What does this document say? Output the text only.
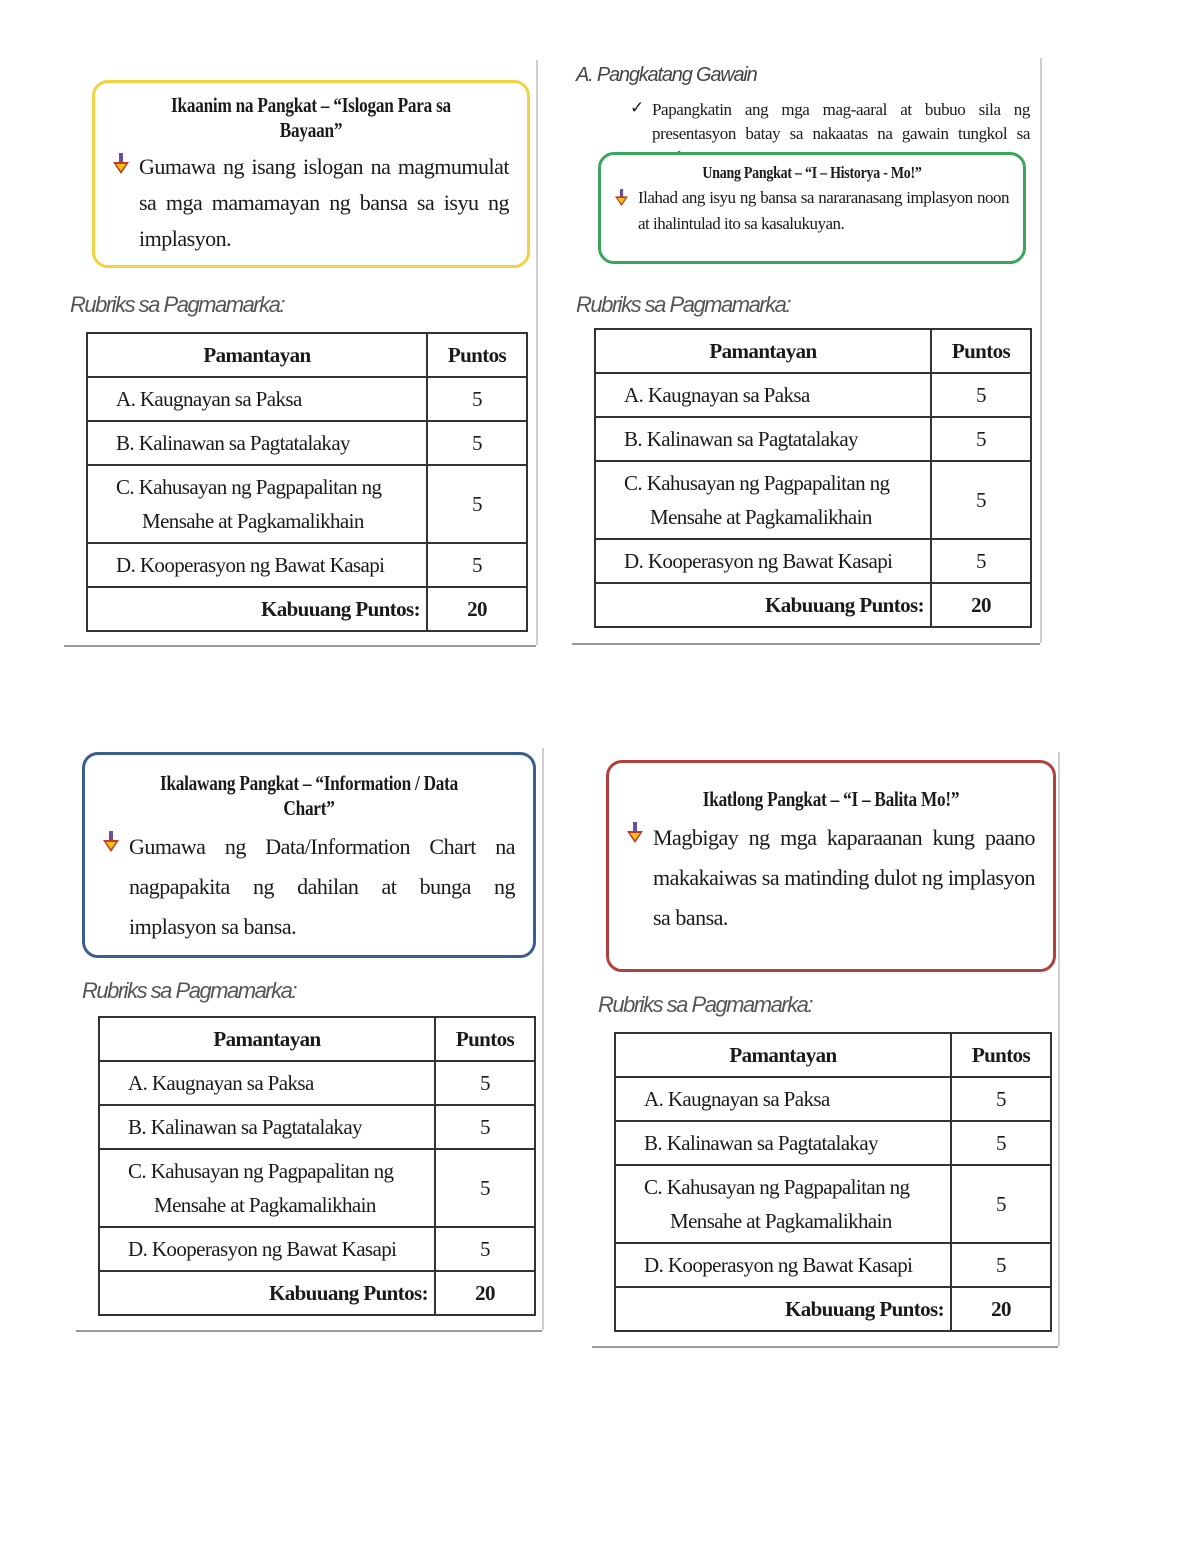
Ikaanim na Pangkat – “Islogan Para sa Bayaan”
Gumawa ng isang islogan na magmumulat sa mga mamamayan ng bansa sa isyu ng implasyon.
Rubriks sa Pagmamarka:
Pamantayan	Puntos

A. Kaugnayan sa Paksa	5

B. Kalinawan sa Pagtatalakay	5

C. Kahusayan ng Pagpapalitan ng Mensahe at Pagkamalikhain	5

D. Kooperasyon ng Bawat Kasapi	5
Kabuuang Puntos:	20
A. Pangkatang Gawain
✓ Papangkatin ang mga mag-aaral at bubuo sila ng presentasyon batay sa nakaatas na gawain tungkol sa
Unang Pangkat – “I – Historya - Mo!”
Ilahad ang isyu ng bansa sa nararanasang implasyon noon at ihalintulad ito sa kasalukuyan.
Rubriks sa Pagmamarka:
Pamantayan	Puntos

A. Kaugnayan sa Paksa	5

B. Kalinawan sa Pagtatalakay	5

C. Kahusayan ng Pagpapalitan ng Mensahe at Pagkamalikhain	5

D. Kooperasyon ng Bawat Kasapi	5
Kabuuang Puntos:	20
Ikalawang Pangkat – “Information / Data Chart”
Gumawa ng Data/Information Chart na nagpapakita ng dahilan at bunga ng implasyon sa bansa.
Rubriks sa Pagmamarka:
Pamantayan	Puntos

A. Kaugnayan sa Paksa	5

B. Kalinawan sa Pagtatalakay	5

C. Kahusayan ng Pagpapalitan ng Mensahe at Pagkamalikhain	5

D. Kooperasyon ng Bawat Kasapi	5
Kabuuang Puntos:	20
Ikatlong Pangkat – “I – Balita Mo!”
Magbigay ng mga kaparaanan kung paano makakaiwas sa matinding dulot ng implasyon sa bansa.
Rubriks sa Pagmamarka:
Pamantayan	Puntos

A. Kaugnayan sa Paksa	5

B. Kalinawan sa Pagtatalakay	5

C. Kahusayan ng Pagpapalitan ng Mensahe at Pagkamalikhain	5

D. Kooperasyon ng Bawat Kasapi	5
Kabuuang Puntos:	20
